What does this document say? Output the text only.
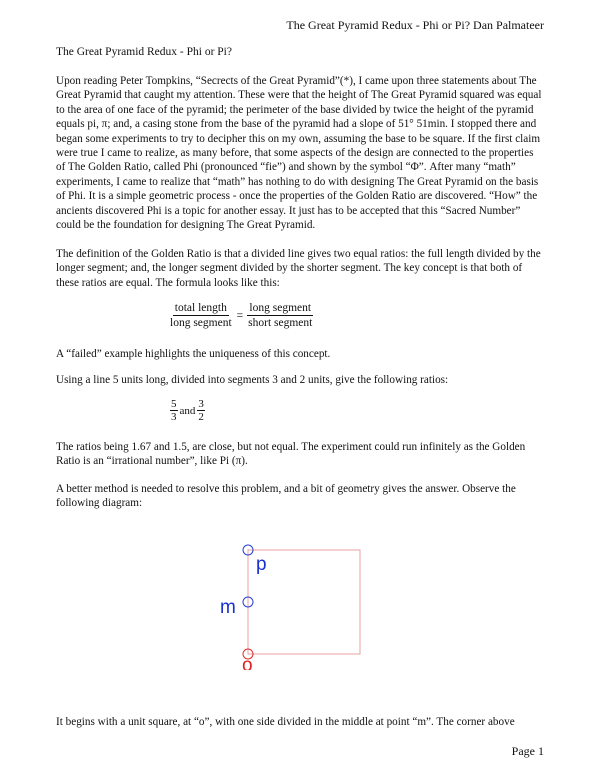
The Great Pyramid Redux - Phi or Pi? Dan Palmateer
The Great Pyramid Redux - Phi or Pi?

Upon reading Peter Tompkins, “Secrects of the Great Pyramid”(*), I came upon three statements about The Great Pyramid that caught my attention. These were that the height of The Great Pyramid squared was equal to the area of one face of the pyramid; the perimeter of the base divided by twice the height of the pyramid equals pi, π; and, a casing stone from the base of the pyramid had a slope of 51° 51min. I stopped there and began some experiments to try to decipher this on my own, assuming the base to be square. If the first claim were true I came to realize, as many before, that some aspects of the design are connected to the properties of The Golden Ratio, called Phi (pronounced “fie”) and shown by the symbol “Φ”. After many “math” experiments, I came to realize that “math” has nothing to do with designing The Great Pyramid on the basis of Phi. It is a simple geometric process - once the properties of the Golden Ratio are discovered. “How” the ancients discovered Phi is a topic for another essay. It just has to be accepted that this “Sacred Number” could be the foundation for designing The Great Pyramid.

The definition of the Golden Ratio is that a divided line gives two equal ratios: the full length divided by the longer segment; and, the longer segment divided by the shorter segment. The key concept is that both of these ratios are equal. The formula looks like this:

$\frac{\text{total length}}{\text{long segment}} = \frac{\text{long segment}}{\text{short segment}}$

A “failed” example highlights the uniqueness of this concept.

Using a line 5 units long, divided into segments 3 and 2 units, give the following ratios:

$\frac{5}{3}$ and $\frac{3}{2}$

The ratios being 1.67 and 1.5, are close, but not equal. The experiment could run infinitely as the Golden Ratio is an “irrational number”, like Pi (π).

A better method is needed to resolve this problem, and a bit of geometry gives the answer. Observe the following diagram:

p
m
o

It begins with a unit square, at “o”, with one side divided in the middle at point “m”. The corner above

Page 1
